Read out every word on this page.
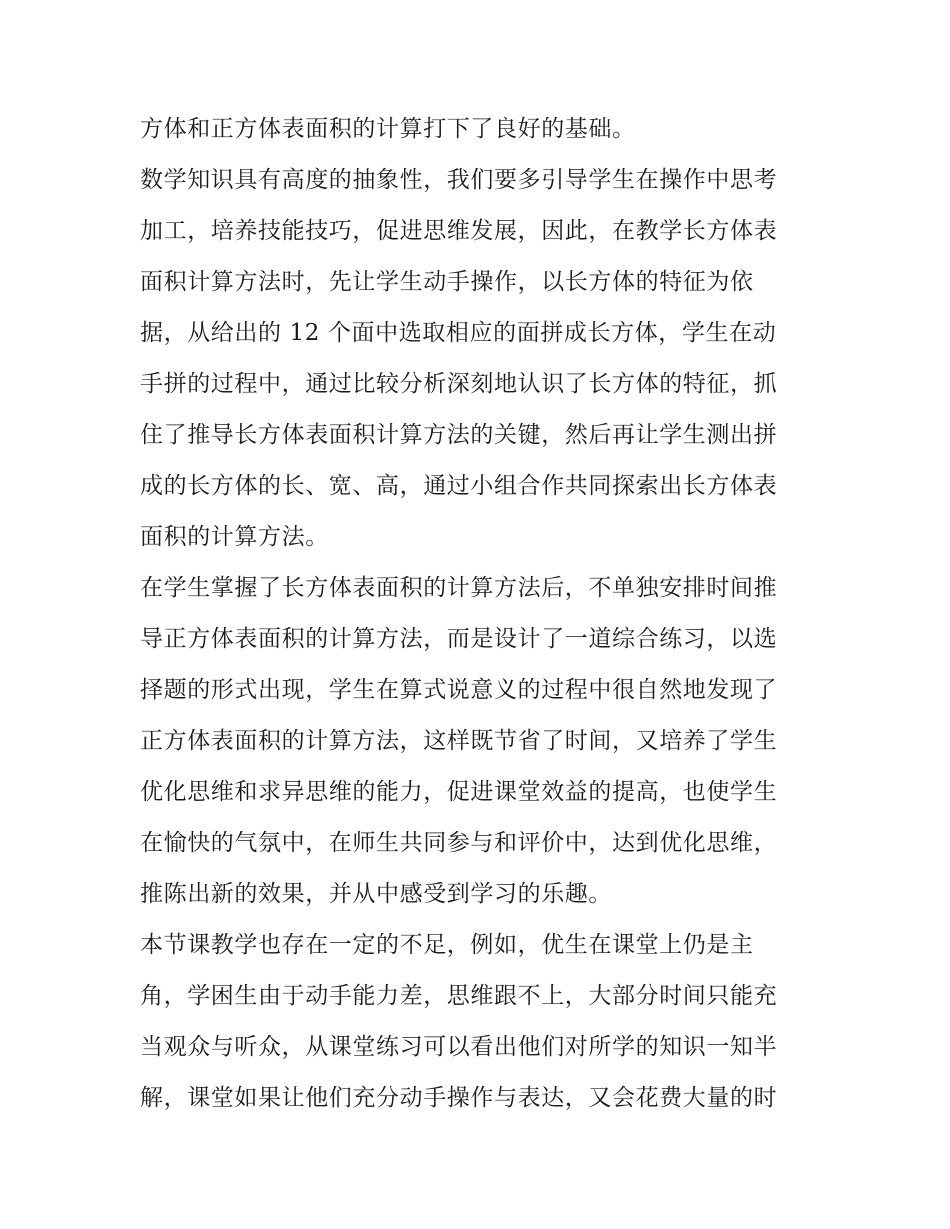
方体和正方体表面积的计算打下了良好的基础。
数学知识具有高度的抽象性，我们要多引导学生在操作中思考
加工，培养技能技巧，促进思维发展，因此，在教学长方体表
面积计算方法时，先让学生动手操作，以长方体的特征为依
据，从给出的 12 个面中选取相应的面拼成长方体，学生在动
手拼的过程中，通过比较分析深刻地认识了长方体的特征，抓
住了推导长方体表面积计算方法的关键，然后再让学生测出拼
成的长方体的长、宽、高，通过小组合作共同探索出长方体表
面积的计算方法。
在学生掌握了长方体表面积的计算方法后，不单独安排时间推
导正方体表面积的计算方法，而是设计了一道综合练习，以选
择题的形式出现，学生在算式说意义的过程中很自然地发现了
正方体表面积的计算方法，这样既节省了时间，又培养了学生
优化思维和求异思维的能力，促进课堂效益的提高，也使学生
在愉快的气氛中，在师生共同参与和评价中，达到优化思维，
推陈出新的效果，并从中感受到学习的乐趣。
本节课教学也存在一定的不足，例如，优生在课堂上仍是主
角，学困生由于动手能力差，思维跟不上，大部分时间只能充
当观众与听众，从课堂练习可以看出他们对所学的知识一知半
解，课堂如果让他们充分动手操作与表达，又会花费大量的时
